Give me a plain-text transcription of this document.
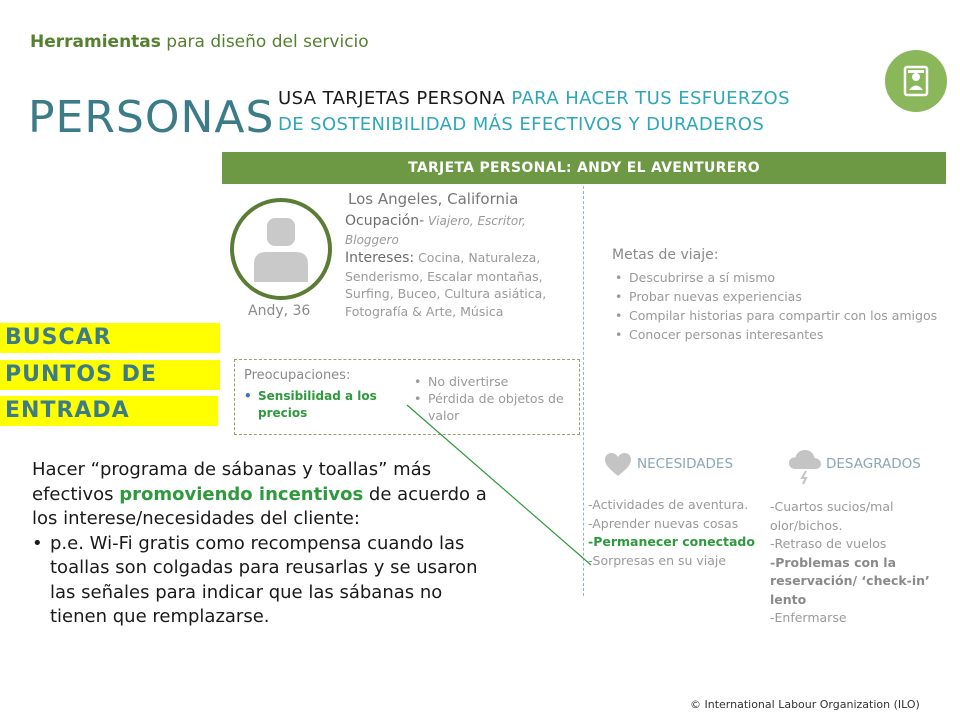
Herramientas para diseño del servicio
PERSONAS USA TARJETAS PERSONA PARA HACER TUS ESFUERZOS
DE SOSTENIBILIDAD MÁS EFECTIVOS Y DURADEROS
TARJETA PERSONAL: ANDY EL AVENTURERO
Andy, 36
Los Angeles, California
Ocupación- Viajero, Escritor, Bloggero
Intereses: Cocina, Naturaleza, Senderismo, Escalar montañas, Surfing, Buceo, Cultura asiática, Fotografía & Arte, Música
Preocupaciones:
• Sensibilidad a los precios
• No divertirse
• Pérdida de objetos de valor
Metas de viaje:
• Descubrirse a sí mismo
• Probar nuevas experiencias
• Compilar historias para compartir con los amigos
• Conocer personas interesantes
BUSCAR
PUNTOS DE
ENTRADA
NECESIDADES	DESAGRADOS
-Actividades de aventura.
-Aprender nuevas cosas
-Permanecer conectado
-Sorpresas en su viaje
-Cuartos sucios/mal olor/bichos.
-Retraso de vuelos
-Problemas con la reservación/ ‘check-in’ lento
-Enfermarse
Hacer “programa de sábanas y toallas” más efectivos promoviendo incentivos de acuerdo a los interese/necesidades del cliente:
• p.e. Wi-Fi gratis como recompensa cuando las toallas son colgadas para reusarlas y se usaron las señales para indicar que las sábanas no tienen que remplazarse.
© International Labour Organization (ILO)
